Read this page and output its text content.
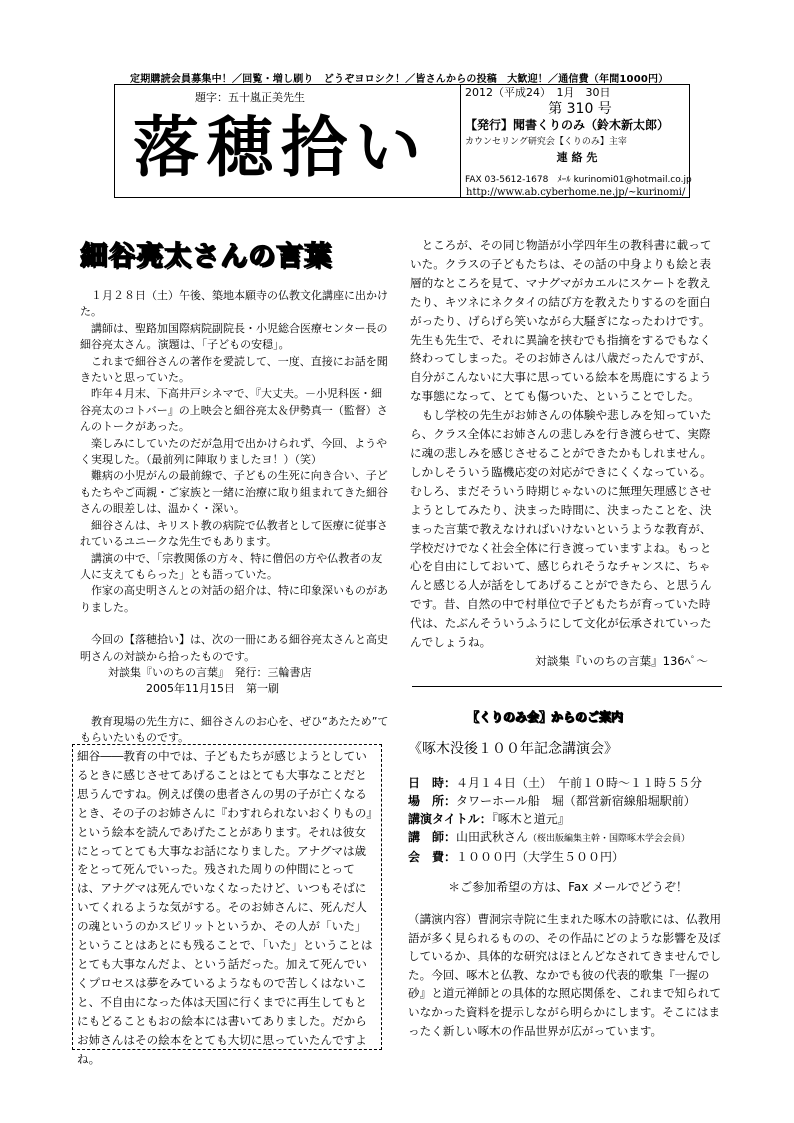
定期購読会員募集中！／回覧・増し刷り　どうぞヨロシク！／皆さんからの投稿　大歓迎！／通信費（年間1000円）
題字：五十嵐正美先生
落穂拾い
2012（平成24）　1月　30日
第 310 号
【発行】聞書くりのみ（鈴木新太郎）
カウンセリング研究会【くりのみ】主宰
連 絡 先
FAX 03-5612-1678　ﾒｰﾙ kurinomi01@hotmail.co.jp
http://www.ab.cyberhome.ne.jp/~kurinomi/
細谷亮太さんの言葉

１月２８日（土）午後、築地本願寺の仏教文化講座に出かけた。

講師は、聖路加国際病院副院長・小児総合医療センター長の細谷亮太さん。演題は、「子どもの安穏」。

これまで細谷さんの著作を愛読して、一度、直接にお話を聞きたいと思っていた。

昨年４月末、下高井戸シネマで、『大丈夫。－小児科医・細谷亮太のコトバー』の上映会と細谷亮太＆伊勢真一（監督）さんのトークがあった。

楽しみにしていたのだが急用で出かけられず、今回、ようやく実現した。（最前列に陣取りましたヨ！）（笑）

難病の小児がんの最前線で、子どもの生死に向き合い、子どもたちやご両親・ご家族と一緒に治療に取り組まれてきた細谷さんの眼差しは、温かく・深い。

細谷さんは、キリスト教の病院で仏教者として医療に従事されているユニークな先生でもあります。

講演の中で、「宗教関係の方々、特に僧侶の方や仏教者の友人に支えてもらった」とも語っていた。

作家の高史明さんとの対話の紹介は、特に印象深いものがありました。

今回の【落穂拾い】は、次の一冊にある細谷亮太さんと高史明さんの対談から拾ったものです。

対談集『いのちの言葉』　発行：三輪書店

2005年11月15日　第一刷

教育現場の先生方に、細谷さんのお心を、ぜひ“あたため”てもらいたいものです。

細谷――教育の中では、子どもたちが感じようとしているときに感じさせてあげることはとても大事なことだと思うんですね。例えば僕の患者さんの男の子が亡くなるとき、その子のお姉さんに『わすれられないおくりもの』という絵本を読んであげたことがあります。それは彼女にとってとても大事なお話になりました。アナグマは歳をとって死んでいった。残された周りの仲間にとっては、アナグマは死んでいなくなったけど、いつもそばにいてくれるような気がする。そのお姉さんに、死んだ人の魂というのかスピリットというか、その人が「いた」ということはあとにも残ることで、「いた」ということはとても大事なんだよ、という話だった。加えて死んでいくプロセスは夢をみているようなもので苦しくはないこと、不自由になった体は天国に行くまでに再生してもとにもどることもおの絵本には書いてありました。だからお姉さんはその絵本をとても大切に思っていたんですよね。

ところが、その同じ物語が小学四年生の教科書に載っていた。クラスの子どもたちは、その話の中身よりも絵と表層的なところを見て、マナグマがカエルにスケートを教えたり、キツネにネクタイの結び方を教えたりするのを面白がったり、げらげら笑いながら大騒ぎになったわけです。先生も先生で、それに異論を挟むでも指摘をするでもなく終わってしまった。そのお姉さんは八歳だったんですが、自分がこんないに大事に思っている絵本を馬鹿にするような事態になって、とても傷ついた、ということでした。

もし学校の先生がお姉さんの体験や悲しみを知っていたら、クラス全体にお姉さんの悲しみを行き渡らせて、実際に魂の悲しみを感じさせることができたかもしれません。しかしそういう臨機応変の対応ができにくくなっている。むしろ、まだそういう時期じゃないのに無理矢理感じさせようとしてみたり、決まった時間に、決まったことを、決まった言葉で教えなければいけないというような教育が、学校だけでなく社会全体に行き渡っていますよね。もっと心を自由にしておいて、感じられそうなチャンスに、ちゃんと感じる人が話をしてあげることができたら、と思うんです。昔、自然の中で村単位で子どもたちが育っていた時代は、たぶんそういうふうにして文化が伝承されていったんでしょうね。

対談集『いのちの言葉』136ﾍﾟ～

【くりのみ会】からのご案内
《啄木没後１００年記念講演会》
日　時：４月１４日（土）　午前１０時～１１時５５分
場　所：タワーホール船　堀（都営新宿線船堀駅前）
講演タイトル：『啄木と道元』
講　師：山田武秋さん（桜出版編集主幹・国際啄木学会会員）
会　費：１０００円（大学生５００円）
＊ご参加希望の方は、Fax メールでどうぞ！
（講演内容）曹洞宗寺院に生まれた啄木の詩歌には、仏教用語が多く見られるものの、その作品にどのような影響を及ぼしているか、具体的な研究はほとんどなされてきませんでした。今回、啄木と仏教、なかでも彼の代表的歌集『一握の砂』と道元禅師との具体的な照応関係を、これまで知られていなかった資料を提示しながら明らかにします。そこにはまったく新しい啄木の作品世界が広がっています。
